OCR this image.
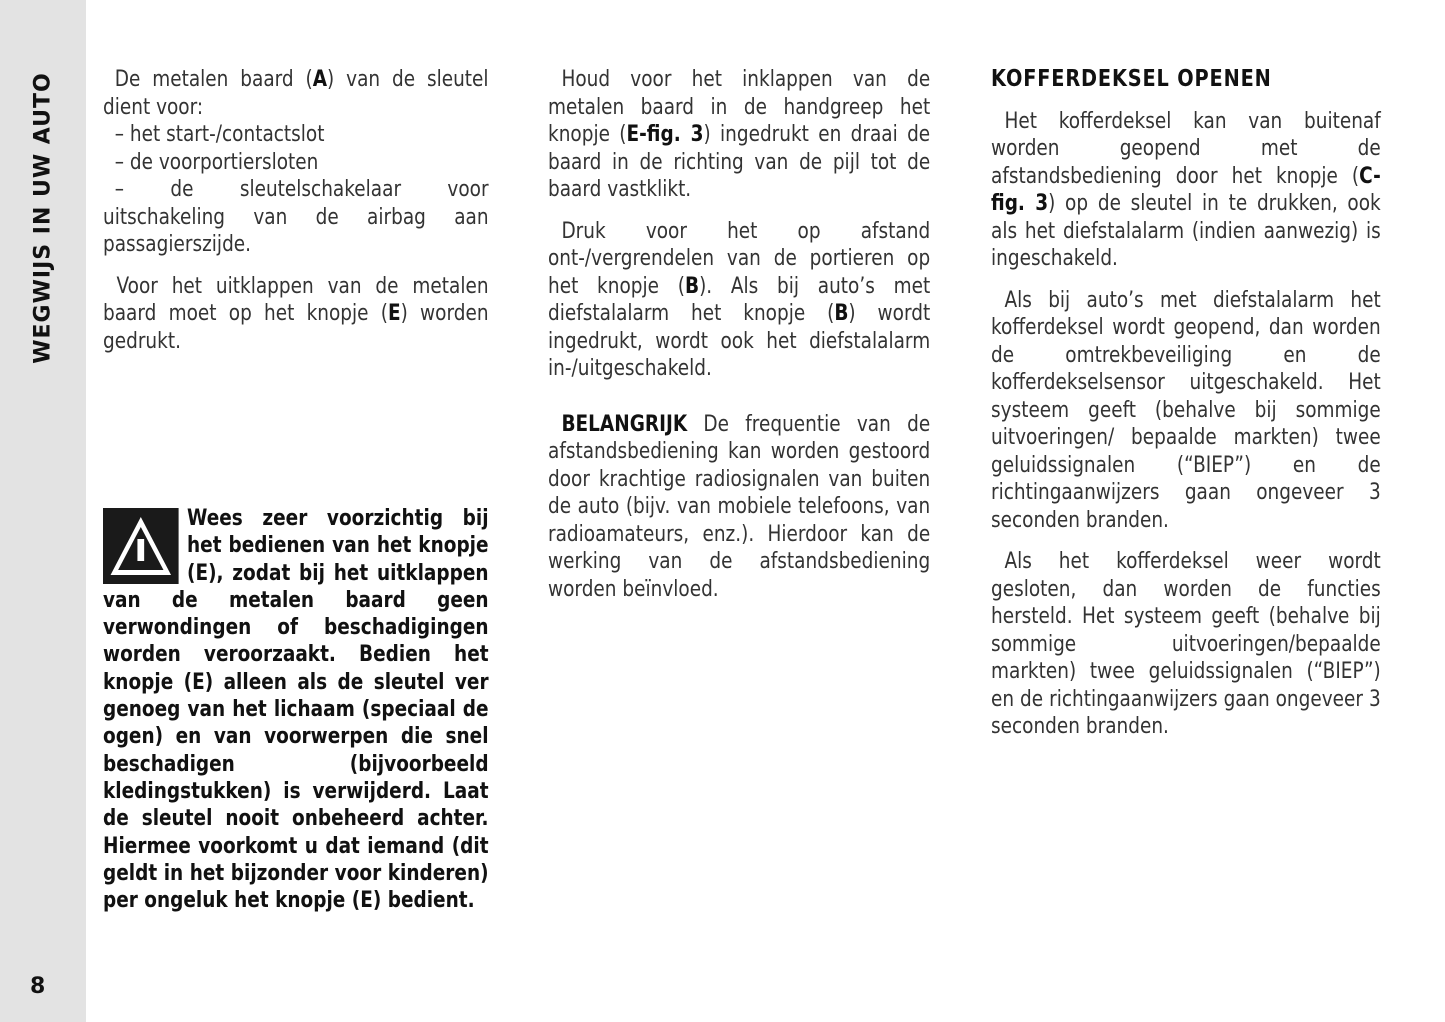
WEGWIJS IN UW AUTO
8

De metalen baard (A) van de sleutel dient voor:
– het start-/contactslot
– de voorportiersloten
– de sleutelschakelaar voor uitschakeling van de airbag aan passagierszijde.

Voor het uitklappen van de metalen baard moet op het knopje (E) worden gedrukt.

Wees zeer voorzichtig bij het bedienen van het knopje (E), zodat bij het uitklappen van de metalen baard geen verwondingen of beschadigingen worden veroorzaakt. Bedien het knopje (E) alleen als de sleutel ver genoeg van het lichaam (speciaal de ogen) en van voorwerpen die snel beschadigen (bijvoorbeeld kledingstukken) is verwijderd. Laat de sleutel nooit onbeheerd achter. Hiermee voorkomt u dat iemand (dit geldt in het bijzonder voor kinderen) per ongeluk het knopje (E) bedient.

Houd voor het inklappen van de metalen baard in de handgreep het knopje (E-fig. 3) ingedrukt en draai de baard in de richting van de pijl tot de baard vastklikt.

Druk voor het op afstand ont-/vergrendelen van de portieren op het knopje (B). Als bij auto’s met diefstalalarm het knopje (B) wordt ingedrukt, wordt ook het diefstalalarm in-/uitgeschakeld.

BELANGRIJK De frequentie van de afstandsbediening kan worden gestoord door krachtige radiosignalen van buiten de auto (bijv. van mobiele telefoons, van radioamateurs, enz.). Hierdoor kan de werking van de afstandsbediening worden beïnvloed.

KOFFERDEKSEL OPENEN

Het kofferdeksel kan van buitenaf worden geopend met de afstandsbediening door het knopje (C-fig. 3) op de sleutel in te drukken, ook als het diefstalalarm (indien aanwezig) is ingeschakeld.

Als bij auto’s met diefstalalarm het kofferdeksel wordt geopend, dan worden de omtrekbeveiliging en de kofferdekselsensor uitgeschakeld. Het systeem geeft (behalve bij sommige uitvoeringen/ bepaalde markten) twee geluidssignalen (“BIEP”) en de richtingaanwijzers gaan ongeveer 3 seconden branden.

Als het kofferdeksel weer wordt gesloten, dan worden de functies hersteld. Het systeem geeft (behalve bij sommige uitvoeringen/bepaalde markten) twee geluidssignalen (“BIEP”) en de richtingaanwijzers gaan ongeveer 3 seconden branden.
